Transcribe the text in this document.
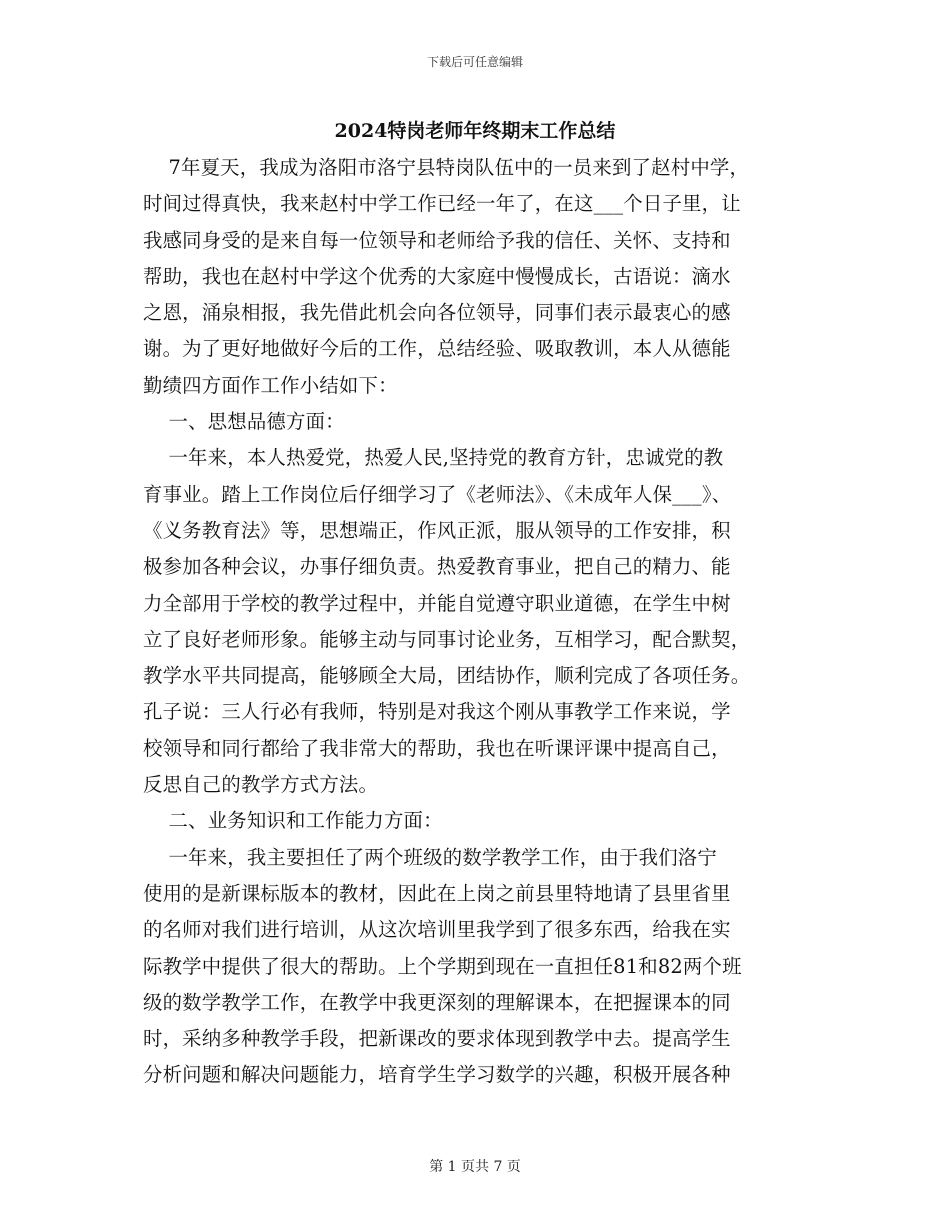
下载后可任意编辑
2024特岗老师年终期末工作总结
7年夏天，我成为洛阳市洛宁县特岗队伍中的一员来到了赵村中学，
时间过得真快，我来赵村中学工作已经一年了，在这___个日子里，让
我感同身受的是来自每一位领导和老师给予我的信任、关怀、支持和
帮助，我也在赵村中学这个优秀的大家庭中慢慢成长，古语说：滴水
之恩，涌泉相报，我先借此机会向各位领导，同事们表示最衷心的感
谢。为了更好地做好今后的工作，总结经验、吸取教训，本人从德能
勤绩四方面作工作小结如下：
一、思想品德方面：
一年来，本人热爱党，热爱人民,坚持党的教育方针，忠诚党的教
育事业。踏上工作岗位后仔细学习了《老师法》、《未成年人保___》、
《义务教育法》等，思想端正，作风正派，服从领导的工作安排，积
极参加各种会议，办事仔细负责。热爱教育事业，把自己的精力、能
力全部用于学校的教学过程中，并能自觉遵守职业道德，在学生中树
立了良好老师形象。能够主动与同事讨论业务，互相学习，配合默契，
教学水平共同提高，能够顾全大局，团结协作，顺利完成了各项任务。
孔子说：三人行必有我师，特别是对我这个刚从事教学工作来说，学
校领导和同行都给了我非常大的帮助，我也在听课评课中提高自己，
反思自己的教学方式方法。
二、业务知识和工作能力方面：
一年来，我主要担任了两个班级的数学教学工作，由于我们洛宁
使用的是新课标版本的教材，因此在上岗之前县里特地请了县里省里
的名师对我们进行培训，从这次培训里我学到了很多东西，给我在实
际教学中提供了很大的帮助。上个学期到现在一直担任81和82两个班
级的数学教学工作，在教学中我更深刻的理解课本，在把握课本的同
时，采纳多种教学手段，把新课改的要求体现到教学中去。提高学生
分析问题和解决问题能力，培育学生学习数学的兴趣，积极开展各种
第 1 页共 7 页
